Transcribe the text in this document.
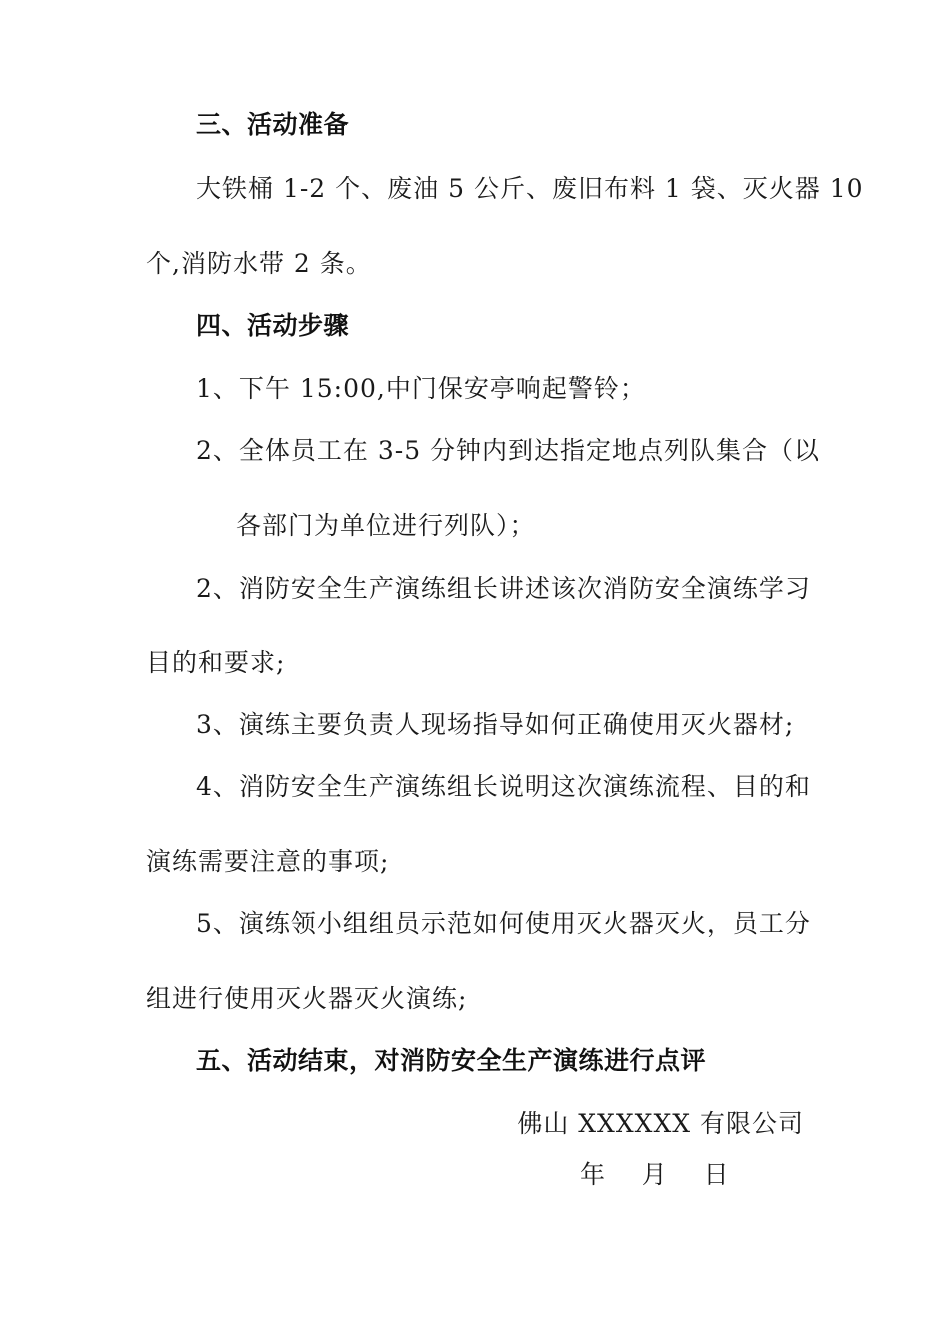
三、活动准备
大铁桶 1-2 个、废油 5 公斤、废旧布料 1 袋、灭火器 10
个,消防水带 2 条。
四、活动步骤
1、下午 15:00,中门保安亭响起警铃；
2、全体员工在 3-5 分钟内到达指定地点列队集合（以
各部门为单位进行列队）；
2、消防安全生产演练组长讲述该次消防安全演练学习
目的和要求;
3、演练主要负责人现场指导如何正确使用灭火器材;
4、消防安全生产演练组长说明这次演练流程、目的和
演练需要注意的事项;
5、演练领小组组员示范如何使用灭火器灭火，员工分
组进行使用灭火器灭火演练;
五、活动结束，对消防安全生产演练进行点评
佛山 XXXXXX 有限公司
年    月    日
